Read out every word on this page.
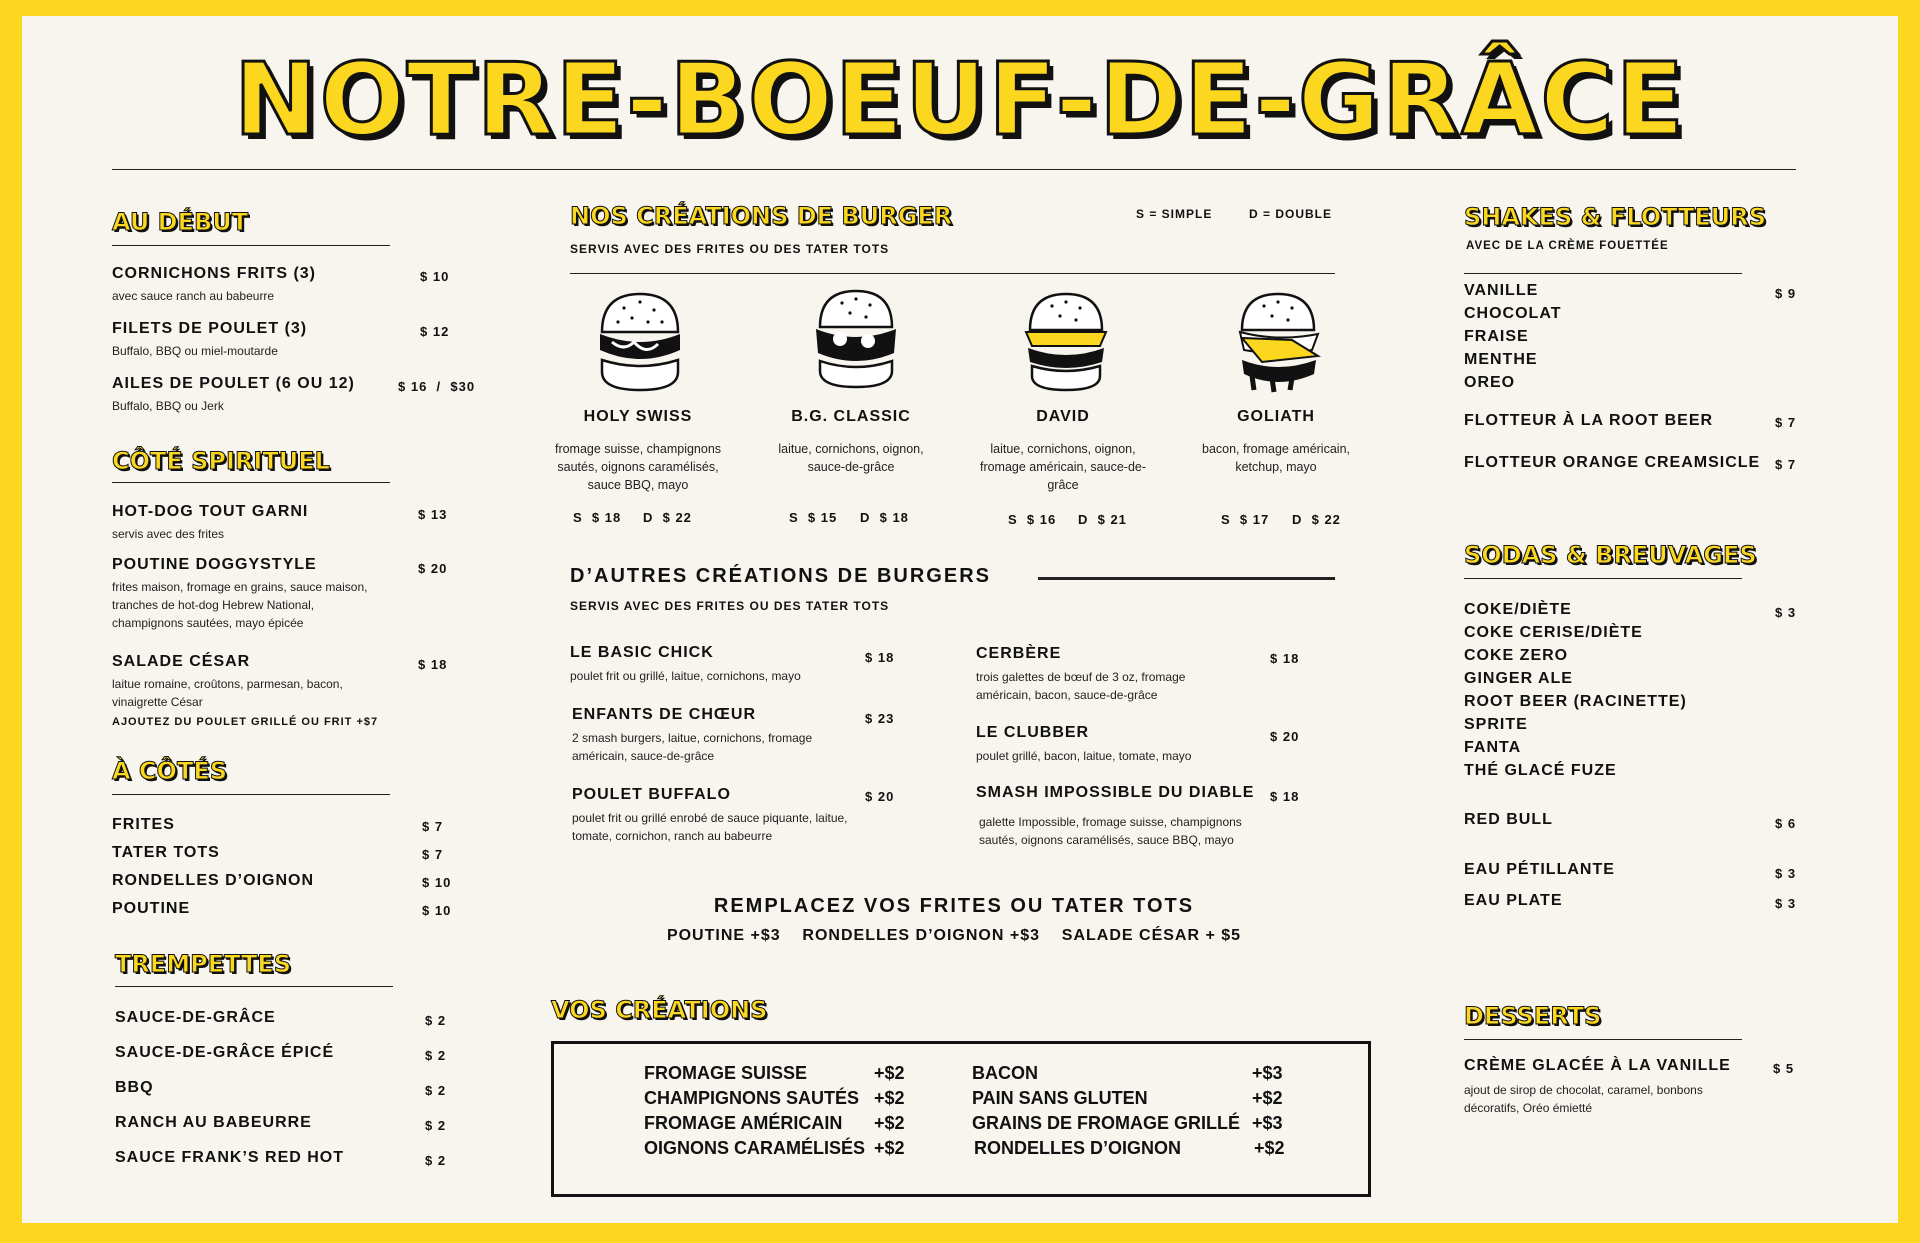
NOTRE-BOEUF-DE-GRÂCE
AU DÉBUT
CORNICHONS FRITS (3)
avec sauce ranch au babeurre
$ 10
FILETS DE POULET (3)
Buffalo, BBQ ou miel-moutarde
$ 12
AILES DE POULET (6 OU 12)
Buffalo, BBQ ou Jerk
$ 16  /  $30
CÔTÉ SPIRITUEL
HOT-DOG TOUT GARNI
servis avec des frites
$ 13
POUTINE DOGGYSTYLE
frites maison, fromage en grains, sauce maison, tranches de hot-dog Hebrew National, champignons sautées, mayo épicée
$ 20
SALADE CÉSAR
laitue romaine, croûtons, parmesan, bacon, vinaigrette César
$ 18
AJOUTEZ DU POULET GRILLÉ OU FRIT +$7
À CÔTÉS
FRITES	$ 7
TATER TOTS	$ 7
RONDELLES D’OIGNON	$ 10
POUTINE	$ 10
TREMPETTES
SAUCE-DE-GRÂCE	$ 2
SAUCE-DE-GRÂCE ÉPICÉ	$ 2
BBQ	$ 2
RANCH AU BABEURRE	$ 2
SAUCE FRANK’S RED HOT	$ 2
NOS CRÉATIONS DE BURGER	S = SIMPLE	D = DOUBLE
SERVIS AVEC DES FRITES OU DES TATER TOTS
HOLY SWISS
fromage suisse, champignons sautés, oignons caramélisés, sauce BBQ, mayo
S  $ 18 D  $ 22
B.G. CLASSIC
laitue, cornichons, oignon, sauce-de-grâce
S  $ 15 D  $ 18
DAVID
laitue, cornichons, oignon, fromage américain, sauce-de-grâce
S  $ 16 D  $ 21
GOLIATH
bacon, fromage américain, ketchup, mayo
S  $ 17 D  $ 22
D’AUTRES CRÉATIONS DE BURGERS
SERVIS AVEC DES FRITES OU DES TATER TOTS
LE BASIC CHICK
poulet frit ou grillé, laitue, cornichons, mayo
$ 18
ENFANTS DE CHŒUR
2 smash burgers, laitue, cornichons, fromage américain, sauce-de-grâce
$ 23
POULET BUFFALO
poulet frit ou grillé enrobé de sauce piquante, laitue, tomate, cornichon, ranch au babeurre
$ 20
CERBÈRE
trois galettes de bœuf de 3 oz, fromage américain, bacon, sauce-de-grâce
$ 18
LE CLUBBER
poulet grillé, bacon, laitue, tomate, mayo
$ 20
SMASH IMPOSSIBLE DU DIABLE
galette Impossible, fromage suisse, champignons sautés, oignons caramélisés, sauce BBQ, mayo
$ 18
REMPLACEZ VOS FRITES OU TATER TOTS
POUTINE +$3    RONDELLES D’OIGNON +$3    SALADE CÉSAR + $5
VOS CRÉATIONS
FROMAGE SUISSE	+$2
CHAMPIGNONS SAUTÉS +$2
FROMAGE AMÉRICAIN +$2
OIGNONS CARAMÉLISÉS +$2
BACON	+$3
PAIN SANS GLUTEN	+$2
GRAINS DE FROMAGE GRILLÉ +$3
RONDELLES D’OIGNON	+$2
SHAKES & FLOTTEURS
AVEC DE LA CRÈME FOUETTÉE
VANILLE
CHOCOLAT
FRAISE
MENTHE
OREO
$ 9
FLOTTEUR À LA ROOT BEER	$ 7
FLOTTEUR ORANGE CREAMSICLE $ 7
SODAS & BREUVAGES
COKE/DIÈTE
COKE CERISE/DIÈTE
COKE ZERO
GINGER ALE
ROOT BEER (RACINETTE)
SPRITE
FANTA
THÉ GLACÉ FUZE
$ 3
RED BULL	$ 6
EAU PÉTILLANTE	$ 3
EAU PLATE	$ 3
DESSERTS
CRÈME GLACÉE À LA VANILLE
ajout de sirop de chocolat, caramel, bonbons décoratifs, Oréo émietté
$ 5
